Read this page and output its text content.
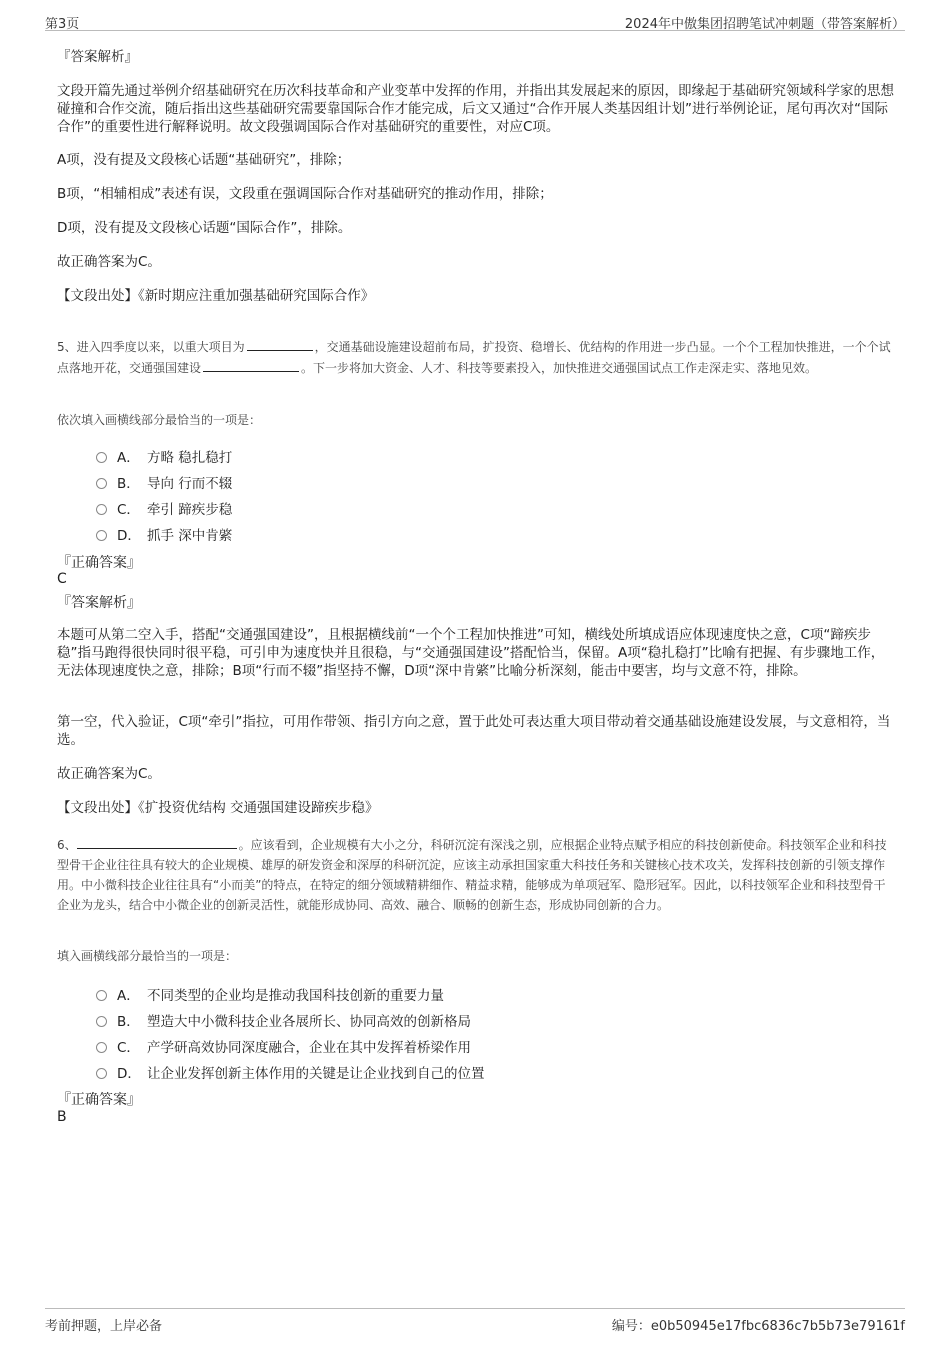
第3页	2024年中傲集团招聘笔试冲刺题（带答案解析）
『答案解析』

文段开篇先通过举例介绍基础研究在历次科技革命和产业变革中发挥的作用，并指出其发展起来的原因，即缘起于基础研究领域科学家的思想碰撞和合作交流，随后指出这些基础研究需要靠国际合作才能完成，后文又通过“合作开展人类基因组计划”进行举例论证，尾句再次对“国际合作”的重要性进行解释说明。故文段强调国际合作对基础研究的重要性，对应C项。

A项，没有提及文段核心话题“基础研究”，排除；

B项，“相辅相成”表述有误，文段重在强调国际合作对基础研究的推动作用，排除；

D项，没有提及文段核心话题“国际合作”，排除。

故正确答案为C。

【文段出处】《新时期应注重加强基础研究国际合作》

5、进入四季度以来，以重大项目为	，交通基础设施建设超前布局，扩投资、稳增长、优结构的作用进一步凸显。一个个工程加快推进，一个个试点落地开花，交通强国建设	。下一步将加大资金、人才、科技等要素投入，加快推进交通强国试点工作走深走实、落地见效。

依次填入画横线部分最恰当的一项是：

A． 方略 稳扎稳打
B． 导向 行而不辍
C． 牵引 蹄疾步稳
D． 抓手 深中肯綮
『正确答案』
C
『答案解析』

本题可从第二空入手，搭配“交通强国建设”，且根据横线前“一个个工程加快推进”可知，横线处所填成语应体现速度快之意，C项“蹄疾步稳”指马跑得很快同时很平稳，可引申为速度快并且很稳，与“交通强国建设”搭配恰当，保留。A项“稳扎稳打”比喻有把握、有步骤地工作，无法体现速度快之意，排除；B项“行而不辍”指坚持不懈，D项“深中肯綮”比喻分析深刻，能击中要害，均与文意不符，排除。

第一空，代入验证，C项“牵引”指拉，可用作带领、指引方向之意，置于此处可表达重大项目带动着交通基础设施建设发展，与文意相符，当选。

故正确答案为C。

【文段出处】《扩投资优结构 交通强国建设蹄疾步稳》

6、	。应该看到，企业规模有大小之分，科研沉淀有深浅之别，应根据企业特点赋予相应的科技创新使命。科技领军企业和科技型骨干企业往往具有较大的企业规模、雄厚的研发资金和深厚的科研沉淀，应该主动承担国家重大科技任务和关键核心技术攻关，发挥科技创新的引领支撑作用。中小微科技企业往往具有“小而美”的特点，在特定的细分领域精耕细作、精益求精，能够成为单项冠军、隐形冠军。因此，以科技领军企业和科技型骨干企业为龙头，结合中小微企业的创新灵活性，就能形成协同、高效、融合、顺畅的创新生态，形成协同创新的合力。

填入画横线部分最恰当的一项是：

A． 不同类型的企业均是推动我国科技创新的重要力量
B． 塑造大中小微科技企业各展所长、协同高效的创新格局
C． 产学研高效协同深度融合，企业在其中发挥着桥梁作用
D． 让企业发挥创新主体作用的关键是让企业找到自己的位置
『正确答案』
B
考前押题，上岸必备	编号：e0b50945e17fbc6836c7b5b73e79161f
